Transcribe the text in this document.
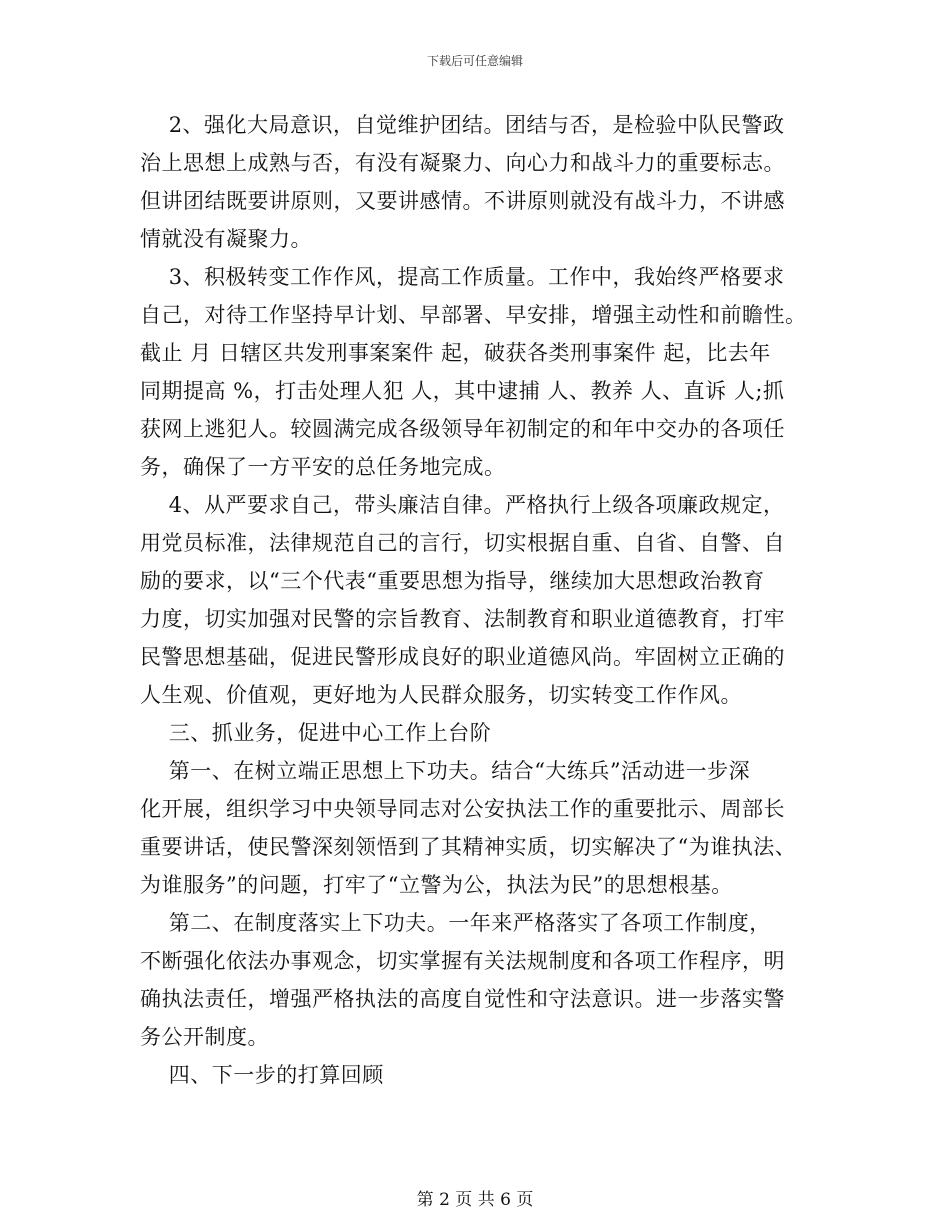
下载后可任意编辑
2、强化大局意识，自觉维护团结。团结与否，是检验中队民警政
治上思想上成熟与否，有没有凝聚力、向心力和战斗力的重要标志。
但讲团结既要讲原则，又要讲感情。不讲原则就没有战斗力，不讲感
情就没有凝聚力。
3、积极转变工作作风，提高工作质量。工作中，我始终严格要求
自己，对待工作坚持早计划、早部署、早安排，增强主动性和前瞻性。
截止 月 日辖区共发刑事案案件 起，破获各类刑事案件 起，比去年
同期提高 %，打击处理人犯 人，其中逮捕 人、教养 人、直诉 人;抓
获网上逃犯人。较圆满完成各级领导年初制定的和年中交办的各项任
务，确保了一方平安的总任务地完成。
4、从严要求自己，带头廉洁自律。严格执行上级各项廉政规定，
用党员标准，法律规范自己的言行，切实根据自重、自省、自警、自
励的要求，以“三个代表“重要思想为指导，继续加大思想政治教育
力度，切实加强对民警的宗旨教育、法制教育和职业道德教育，打牢
民警思想基础，促进民警形成良好的职业道德风尚。牢固树立正确的
人生观、价值观，更好地为人民群众服务，切实转变工作作风。
三、抓业务，促进中心工作上台阶
第一、在树立端正思想上下功夫。结合“大练兵”活动进一步深
化开展，组织学习中央领导同志对公安执法工作的重要批示、周部长
重要讲话，使民警深刻领悟到了其精神实质，切实解决了“为谁执法、
为谁服务”的问题，打牢了“立警为公，执法为民”的思想根基。
第二、在制度落实上下功夫。一年来严格落实了各项工作制度，
不断强化依法办事观念，切实掌握有关法规制度和各项工作程序，明
确执法责任，增强严格执法的高度自觉性和守法意识。进一步落实警
务公开制度。
四、下一步的打算回顾
第 2 页 共 6 页
